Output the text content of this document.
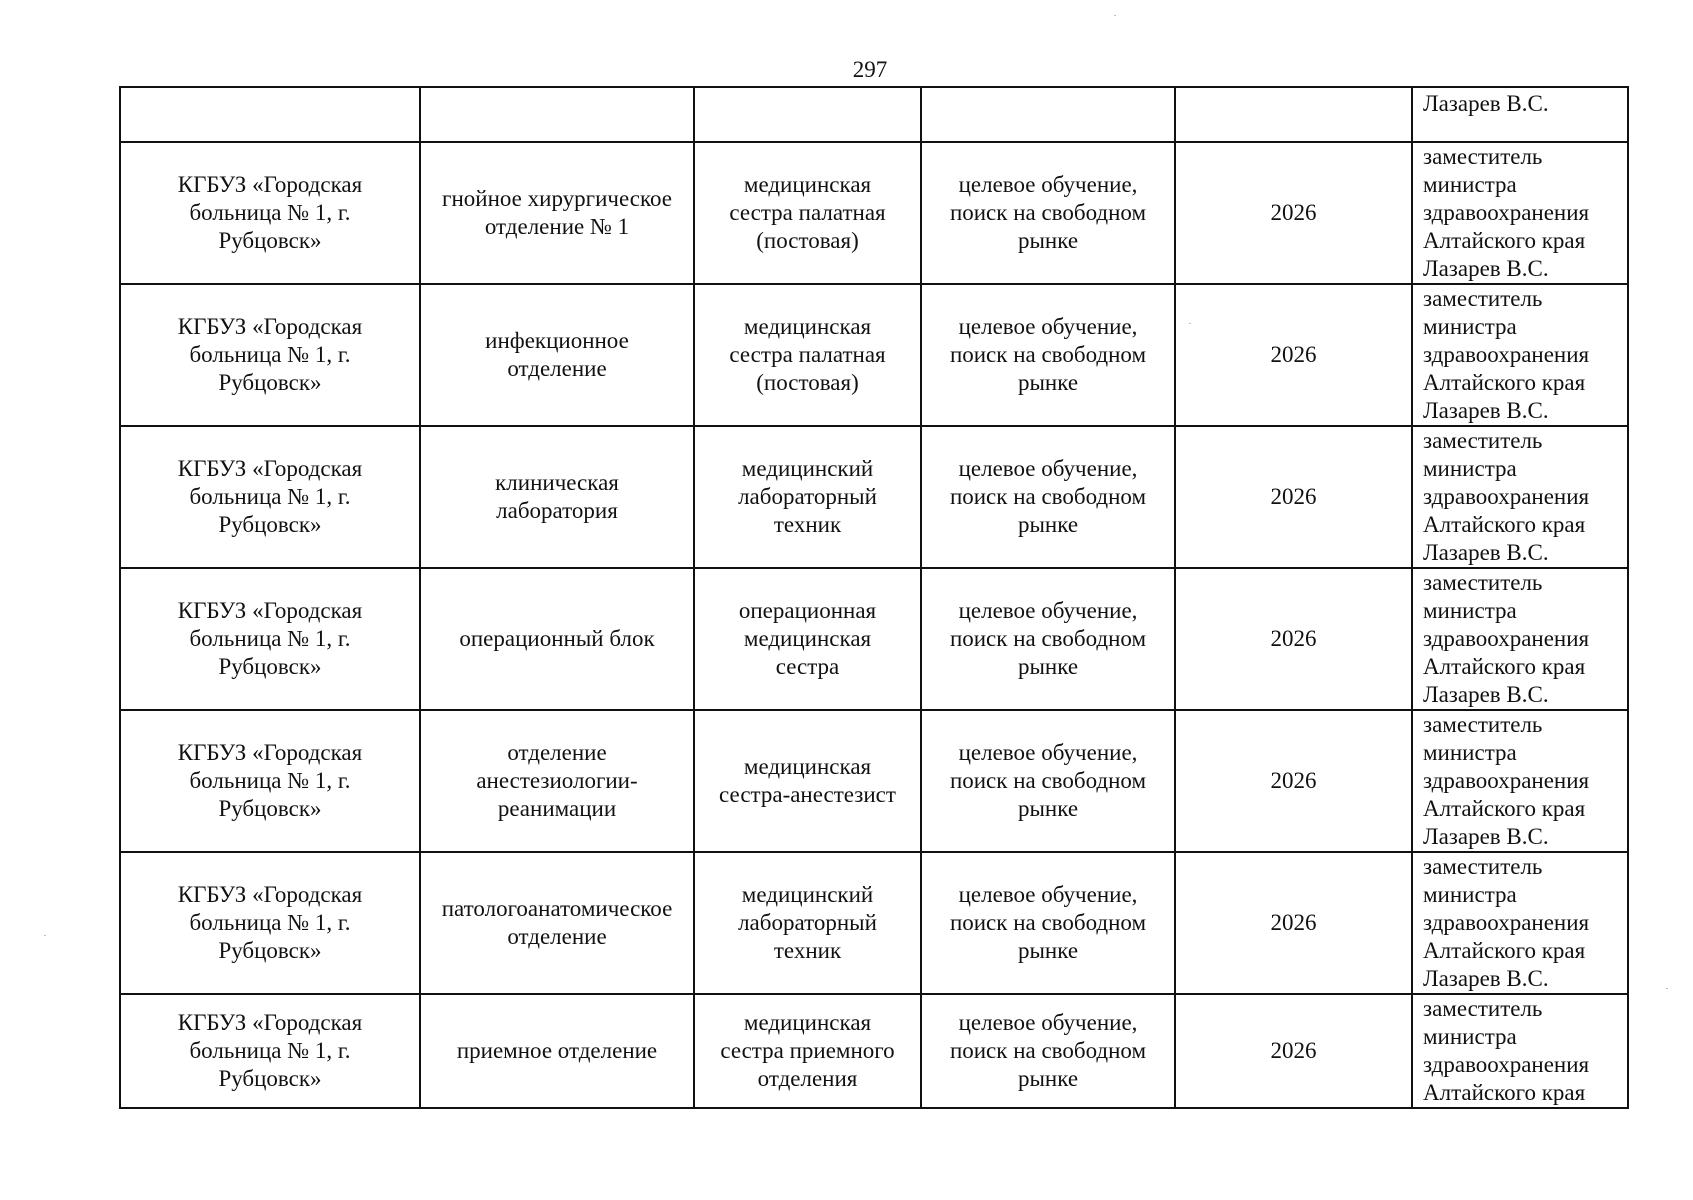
297
					Лазарев В.С.
КГБУЗ «Городская
больница № 1, г.
Рубцовск»	гнойное хирургическое
отделение № 1	медицинская
сестра палатная
(постовая)	целевое обучение,
поиск на свободном
рынке	2026	заместитель
министра
здравоохранения
Алтайского края
Лазарев В.С.
КГБУЗ «Городская
больница № 1, г.
Рубцовск»	инфекционное
отделение	медицинская
сестра палатная
(постовая)	целевое обучение,
поиск на свободном
рынке	2026	заместитель
министра
здравоохранения
Алтайского края
Лазарев В.С.
КГБУЗ «Городская
больница № 1, г.
Рубцовск»	клиническая
лаборатория	медицинский
лабораторный
техник	целевое обучение,
поиск на свободном
рынке	2026	заместитель
министра
здравоохранения
Алтайского края
Лазарев В.С.
КГБУЗ «Городская
больница № 1, г.
Рубцовск»	операционный блок	операционная
медицинская
сестра	целевое обучение,
поиск на свободном
рынке	2026	заместитель
министра
здравоохранения
Алтайского края
Лазарев В.С.
КГБУЗ «Городская
больница № 1, г.
Рубцовск»	отделение
анестезиологии-
реанимации	медицинская
сестра-анестезист	целевое обучение,
поиск на свободном
рынке	2026	заместитель
министра
здравоохранения
Алтайского края
Лазарев В.С.
КГБУЗ «Городская
больница № 1, г.
Рубцовск»	патологоанатомическое
отделение	медицинский
лабораторный
техник	целевое обучение,
поиск на свободном
рынке	2026	заместитель
министра
здравоохранения
Алтайского края
Лазарев В.С.
КГБУЗ «Городская
больница № 1, г.
Рубцовск»	приемное отделение	медицинская
сестра приемного
отделения	целевое обучение,
поиск на свободном
рынке	2026	заместитель
министра
здравоохранения
Алтайского края
